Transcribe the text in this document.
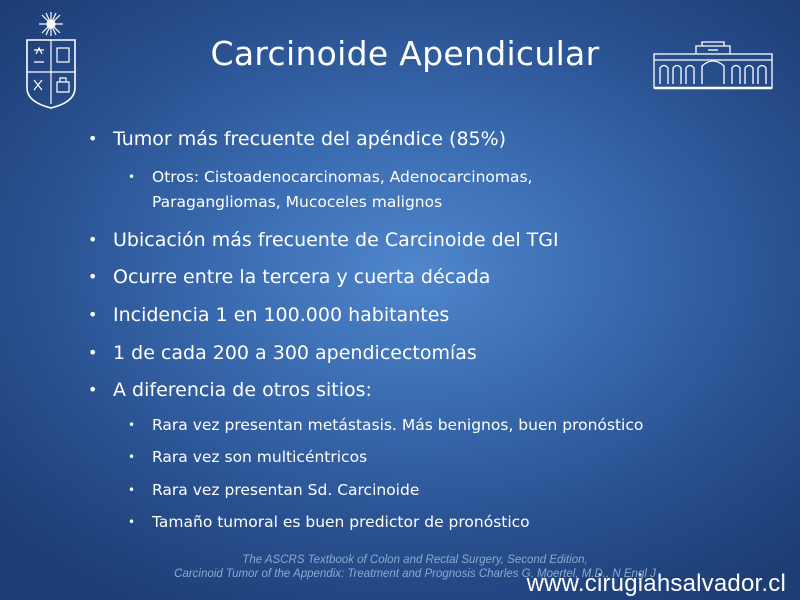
Carcinoide Apendicular
• Tumor más frecuente del apéndice (85%)
• Otros: Cistoadenocarcinomas, Adenocarcinomas,
Paragangliomas, Mucoceles malignos
• Ubicación más frecuente de Carcinoide del TGI
• Ocurre entre la tercera y cuerta década
• Incidencia 1 en 100.000 habitantes
• 1 de cada 200 a 300 apendicectomías
• A diferencia de otros sitios:
• Rara vez presentan metástasis. Más benignos, buen pronóstico
• Rara vez son multicéntricos
• Rara vez presentan Sd. Carcinoide
• Tamaño tumoral es buen predictor de pronóstico
The ASCRS Textbook of Colon and Rectal Surgery, Second Edition,
Carcinoid Tumor of the Appendix: Treatment and Prognosis Charles G. Moertel, M.D., N Engl J
www.cirugiahsalvador.cl
